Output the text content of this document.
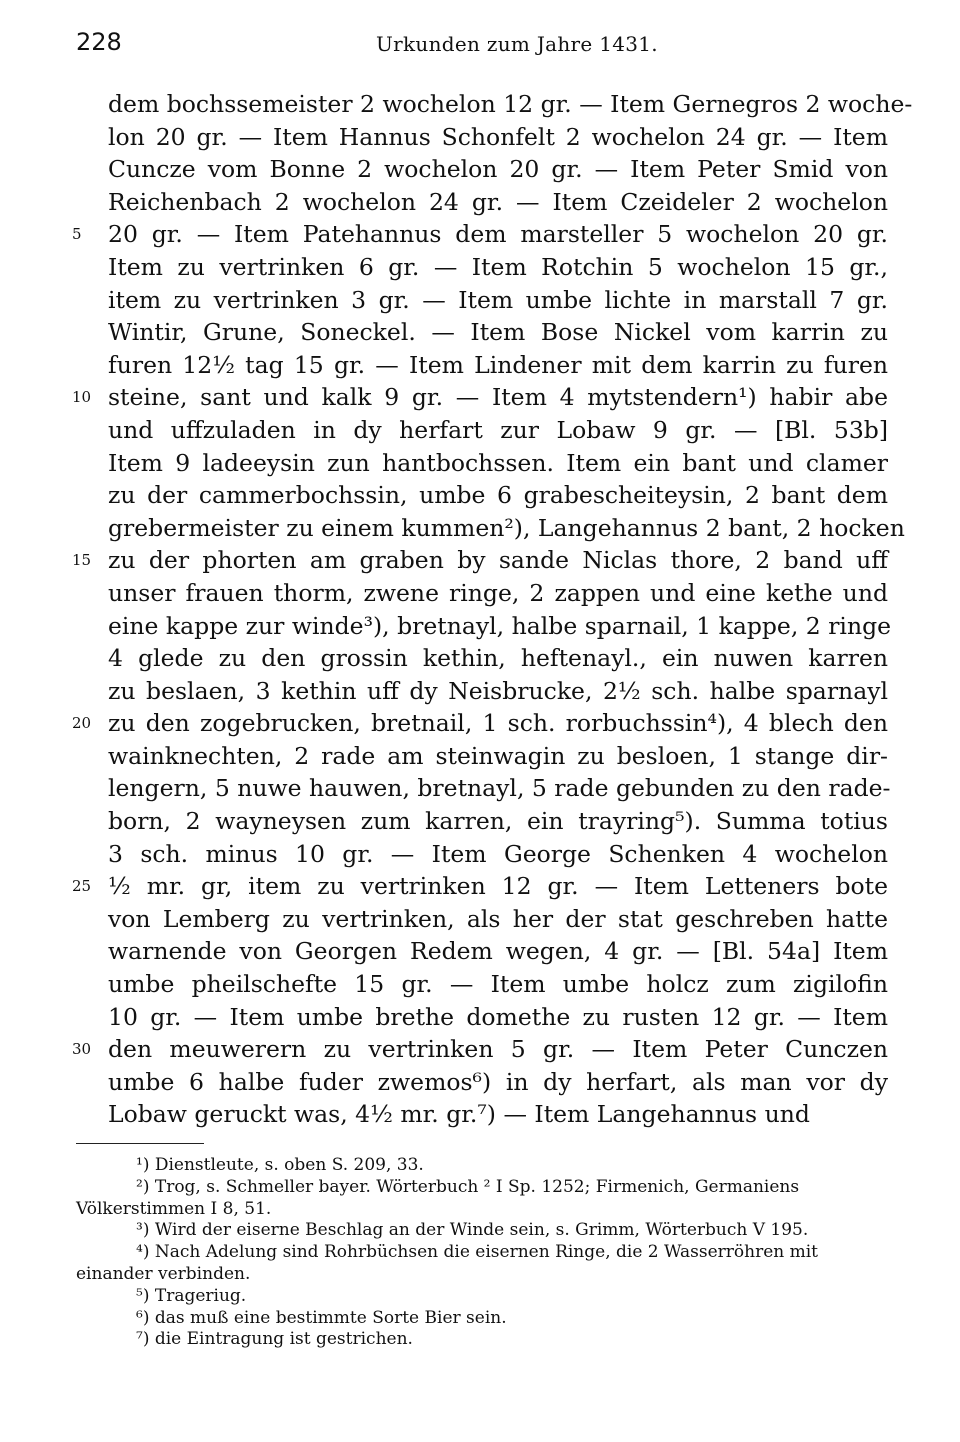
228	Urkunden zum Jahre 1431.
dem bochssemeister 2 wochelon 12 gr. — Item Gernegros 2 woche-
lon 20 gr. — Item Hannus Schonfelt 2 wochelon 24 gr. — Item
Cuncze vom Bonne 2 wochelon 20 gr. — Item Peter Smid von
Reichenbach 2 wochelon 24 gr. — Item Czeideler 2 wochelon
5	20 gr. — Item Patehannus dem marsteller 5 wochelon 20 gr.
Item zu vertrinken 6 gr. — Item Rotchin 5 wochelon 15 gr.,
item zu vertrinken 3 gr. — Item umbe lichte in marstall 7 gr.
Wintir, Grune, Soneckel. — Item Bose Nickel vom karrin zu
furen 12½ tag 15 gr. — Item Lindener mit dem karrin zu furen
10 steine, sant und kalk 9 gr. — Item 4 mytstendern¹) habir abe
und uffzuladen in dy herfart zur Lobaw 9 gr. — [Bl. 53b]
Item 9 ladeeysin zun hantbochssen. Item ein bant und clamer
zu der cammerbochssin, umbe 6 grabescheiteysin, 2 bant dem
grebermeister zu einem kummen²), Langehannus 2 bant, 2 hocken
15 zu der phorten am graben by sande Niclas thore, 2 band uff
unser frauen thorm, zwene ringe, 2 zappen und eine kethe und
eine kappe zur winde³), bretnayl, halbe sparnail, 1 kappe, 2 ringe
4 glede zu den grossin kethin, heftenayl., ein nuwen karren
zu beslaen, 3 kethin uff dy Neisbrucke, 2½ sch. halbe sparnayl
20 zu den zogebrucken, bretnail, 1 sch. rorbuchssin⁴), 4 blech den
wainknechten, 2 rade am steinwagin zu besloen, 1 stange dir-
lengern, 5 nuwe hauwen, bretnayl, 5 rade gebunden zu den rade-
born, 2 wayneysen zum karren, ein trayring⁵). Summa totius
3 sch. minus 10 gr. — Item George Schenken 4 wochelon
25 ½ mr. gr, item zu vertrinken 12 gr. — Item Letteners bote
von Lemberg zu vertrinken, als her der stat geschreben hatte
warnende von Georgen Redem wegen, 4 gr. — [Bl. 54a] Item
umbe pheilschefte 15 gr. — Item umbe holcz zum zigilofin
10 gr. — Item umbe brethe domethe zu rusten 12 gr. — Item
30 den meuwerern zu vertrinken 5 gr. — Item Peter Cunczen
umbe 6 halbe fuder zwemos⁶) in dy herfart, als man vor dy
Lobaw geruckt was, 4½ mr. gr.⁷) — Item Langehannus und
¹) Dienstleute, s. oben S. 209, 33.
²) Trog, s. Schmeller bayer. Wörterbuch ² I Sp. 1252; Firmenich, Germaniens
Völkerstimmen I 8, 51.
³) Wird der eiserne Beschlag an der Winde sein, s. Grimm, Wörterbuch V 195.
⁴) Nach Adelung sind Rohrbüchsen die eisernen Ringe, die 2 Wasserröhren mit
einander verbinden.
⁵) Trageriug.
⁶) das muß eine bestimmte Sorte Bier sein.
⁷) die Eintragung ist gestrichen.
